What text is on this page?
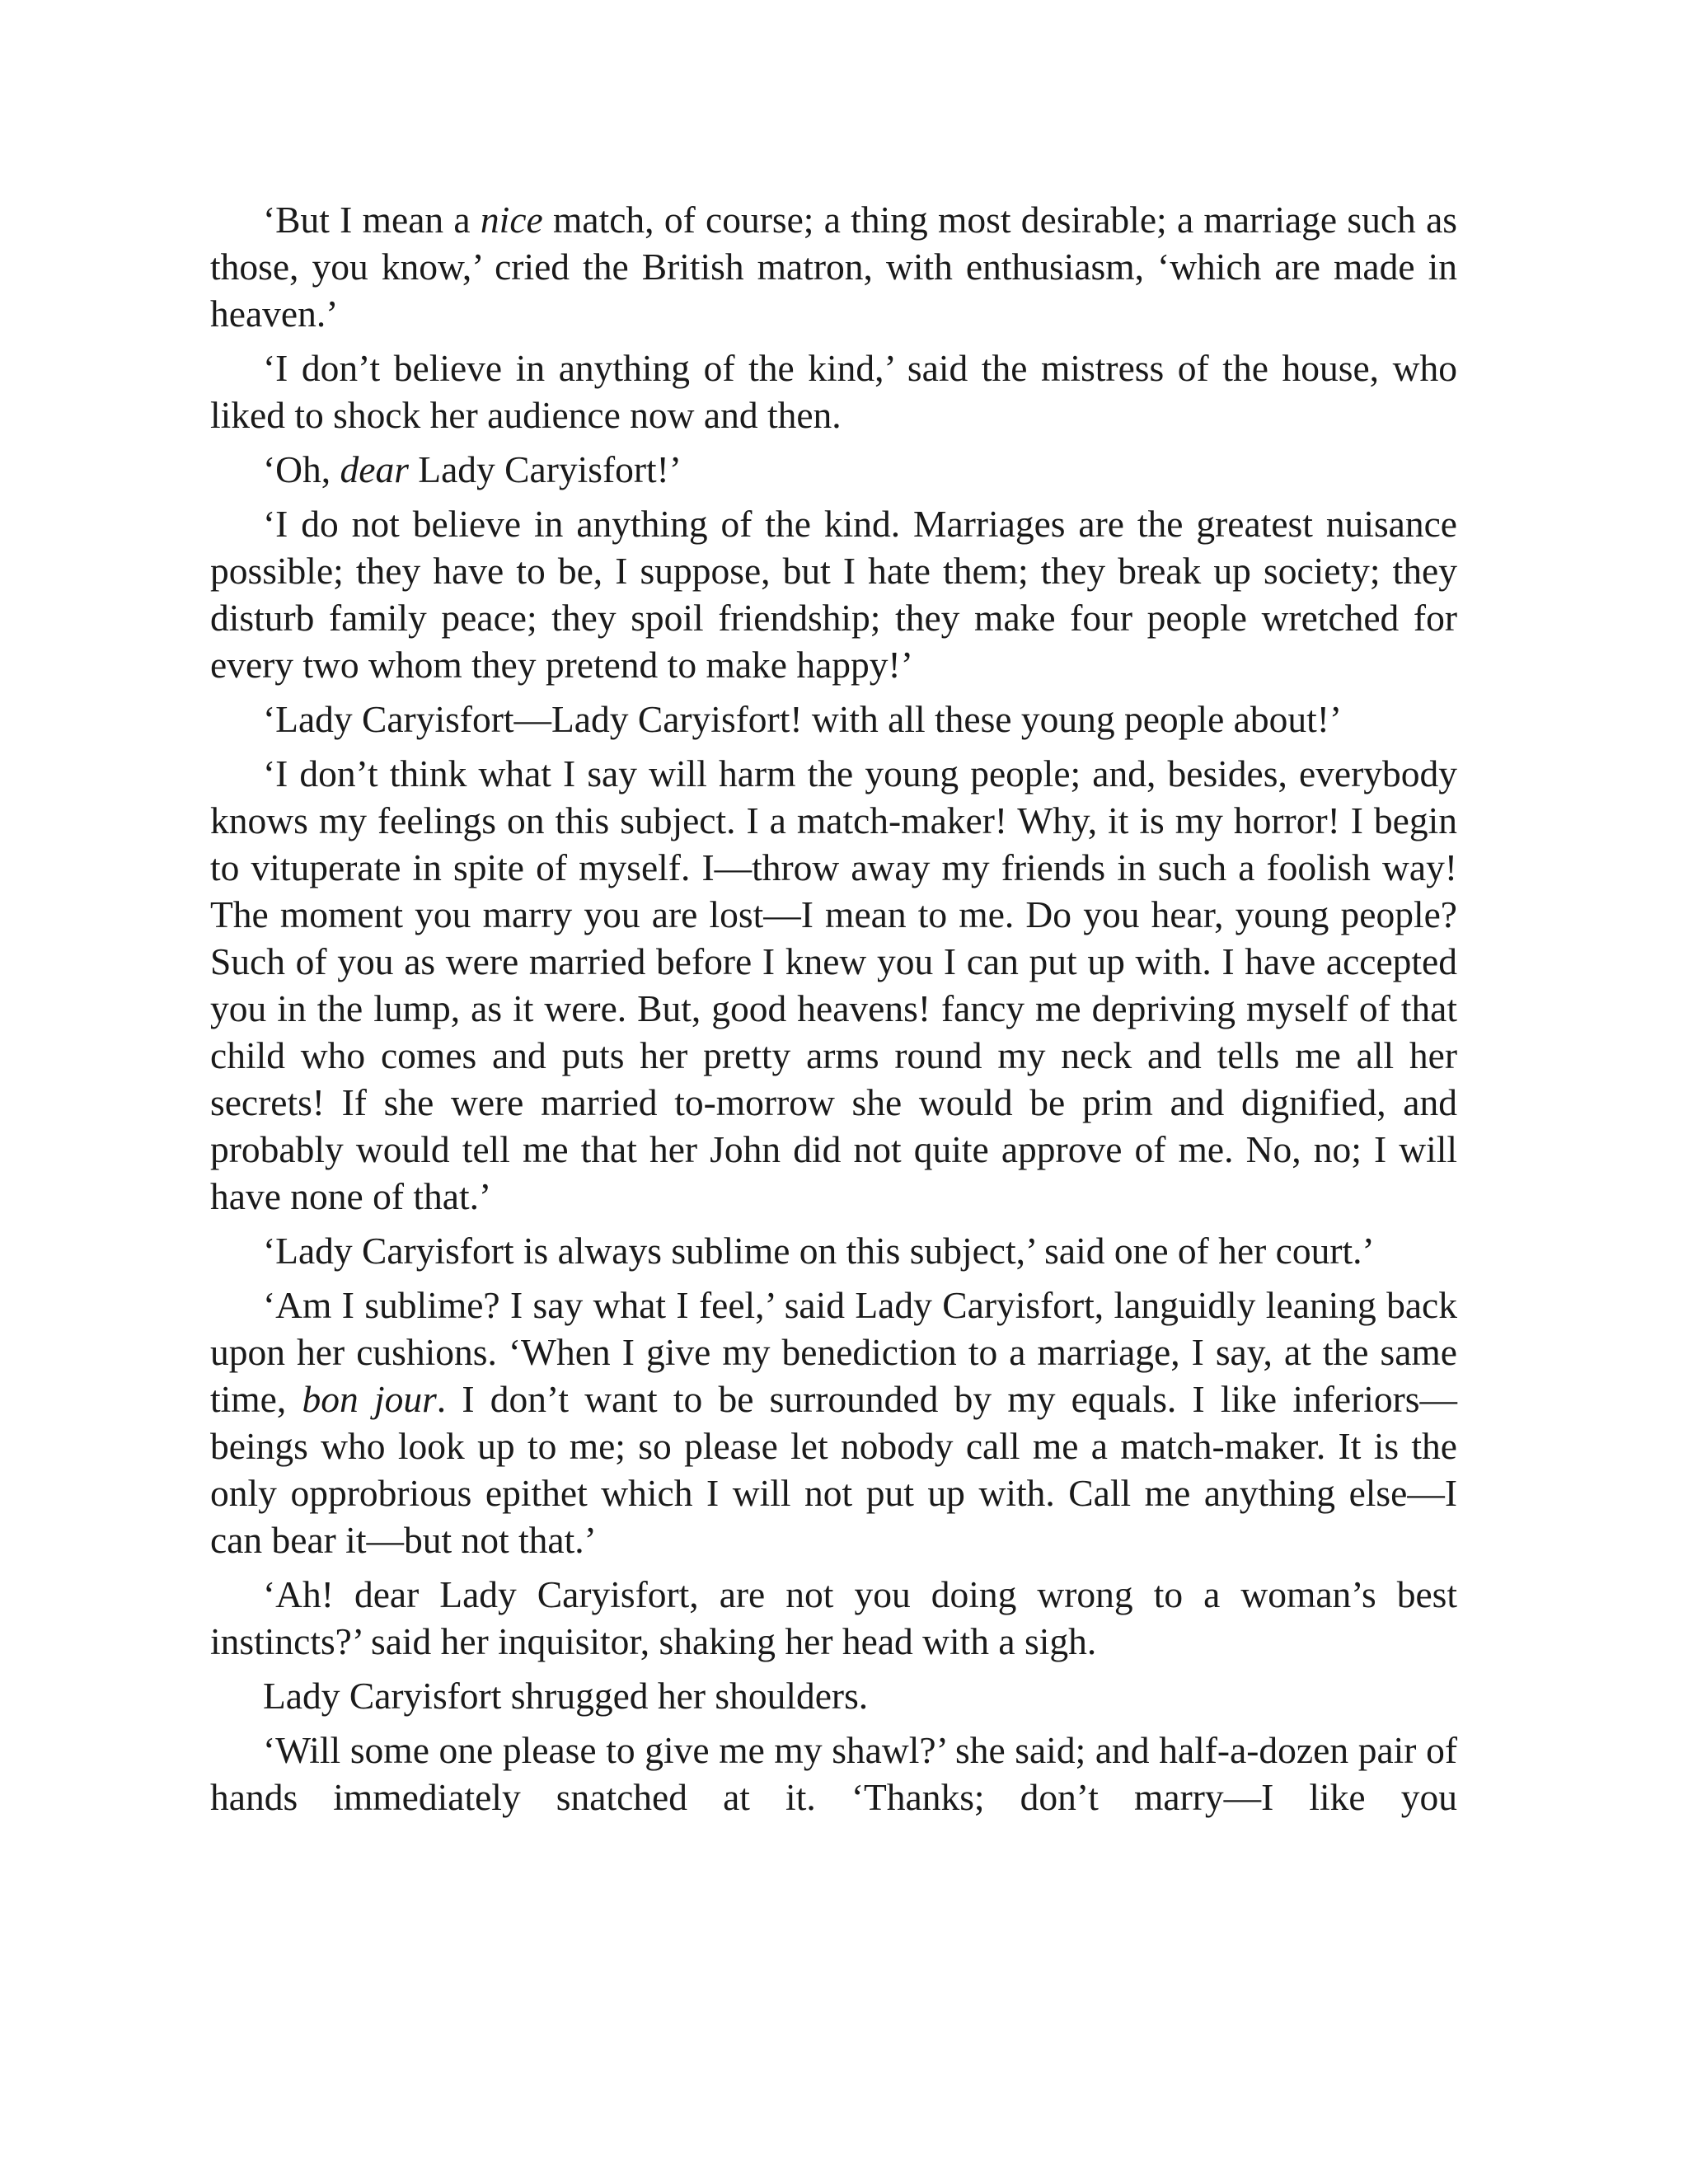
‘But I mean a nice match, of course; a thing most desirable; a marriage such as those, you know,’ cried the British matron, with enthusiasm, ‘which are made in heaven.’

‘I don’t believe in anything of the kind,’ said the mistress of the house, who liked to shock her audience now and then.

‘Oh, dear Lady Caryisfort!’

‘I do not believe in anything of the kind. Marriages are the greatest nuisance possible; they have to be, I suppose, but I hate them; they break up society; they disturb family peace; they spoil friendship; they make four people wretched for every two whom they pretend to make happy!’

‘Lady Caryisfort—Lady Caryisfort! with all these young people about!’

‘I don’t think what I say will harm the young people; and, besides, everybody knows my feelings on this subject. I a match-maker! Why, it is my horror! I begin to vituperate in spite of myself. I—throw away my friends in such a foolish way! The moment you marry you are lost—I mean to me. Do you hear, young people? Such of you as were married before I knew you I can put up with. I have accepted you in the lump, as it were. But, good heavens! fancy me depriving myself of that child who comes and puts her pretty arms round my neck and tells me all her secrets! If she were married to-morrow she would be prim and dignified, and probably would tell me that her John did not quite approve of me. No, no; I will have none of that.’

‘Lady Caryisfort is always sublime on this subject,’ said one of her court.’

‘Am I sublime? I say what I feel,’ said Lady Caryisfort, languidly leaning back upon her cushions. ‘When I give my benediction to a marriage, I say, at the same time, bon jour. I don’t want to be surrounded by my equals. I like inferiors—beings who look up to me; so please let nobody call me a match-maker. It is the only opprobrious epithet which I will not put up with. Call me anything else—I can bear it—but not that.’

‘Ah! dear Lady Caryisfort, are not you doing wrong to a woman’s best instincts?’ said her inquisitor, shaking her head with a sigh.

Lady Caryisfort shrugged her shoulders.

‘Will some one please to give me my shawl?’ she said; and half-a-dozen pair of hands immediately snatched at it. ‘Thanks; don’t marry—I like you
